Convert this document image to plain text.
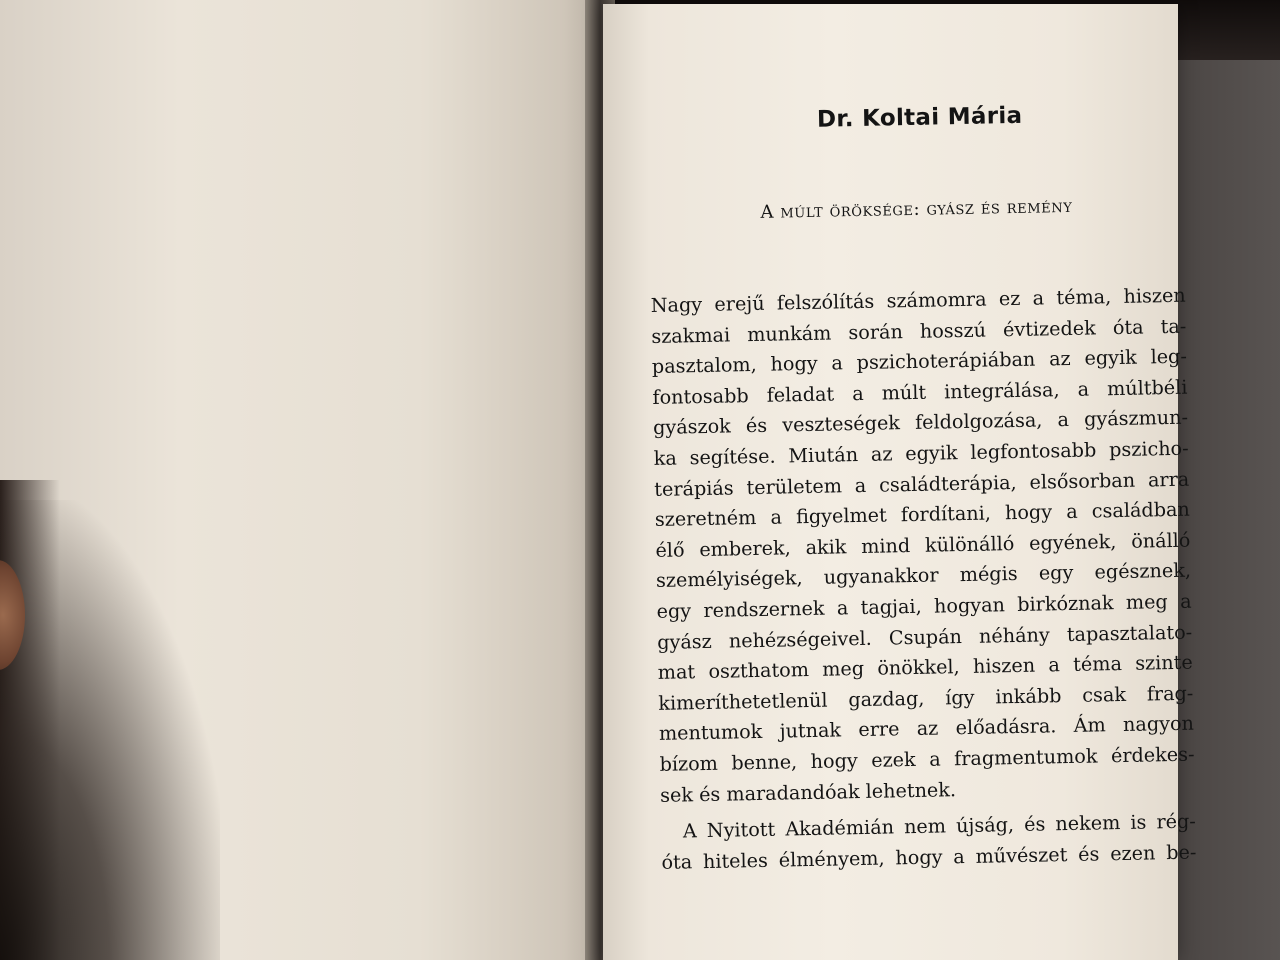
Dr. Koltai Mária
A múlt öröksége: gyász és remény

Nagy erejű felszólítás számomra ez a téma, hiszen
szakmai munkám során hosszú évtizedek óta ta-
pasztalom, hogy a pszichoterápiában az egyik leg-
fontosabb feladat a múlt integrálása, a múltbéli
gyászok és veszteségek feldolgozása, a gyászmun-
ka segítése. Miután az egyik legfontosabb pszicho-
terápiás területem a családterápia, elsősorban arra
szeretném a figyelmet fordítani, hogy a családban
élő emberek, akik mind különálló egyének, önálló
személyiségek, ugyanakkor mégis egy egésznek,
egy rendszernek a tagjai, hogyan birkóznak meg a
gyász nehézségeivel. Csupán néhány tapasztalato-
mat oszthatom meg önökkel, hiszen a téma szinte
kimeríthetetlenül gazdag, így inkább csak frag-
mentumok jutnak erre az előadásra. Ám nagyon
bízom benne, hogy ezek a fragmentumok érdekes-
sek és maradandóak lehetnek.

A Nyitott Akadémián nem újság, és nekem is rég-
óta hiteles élményem, hogy a művészet és ezen be-
